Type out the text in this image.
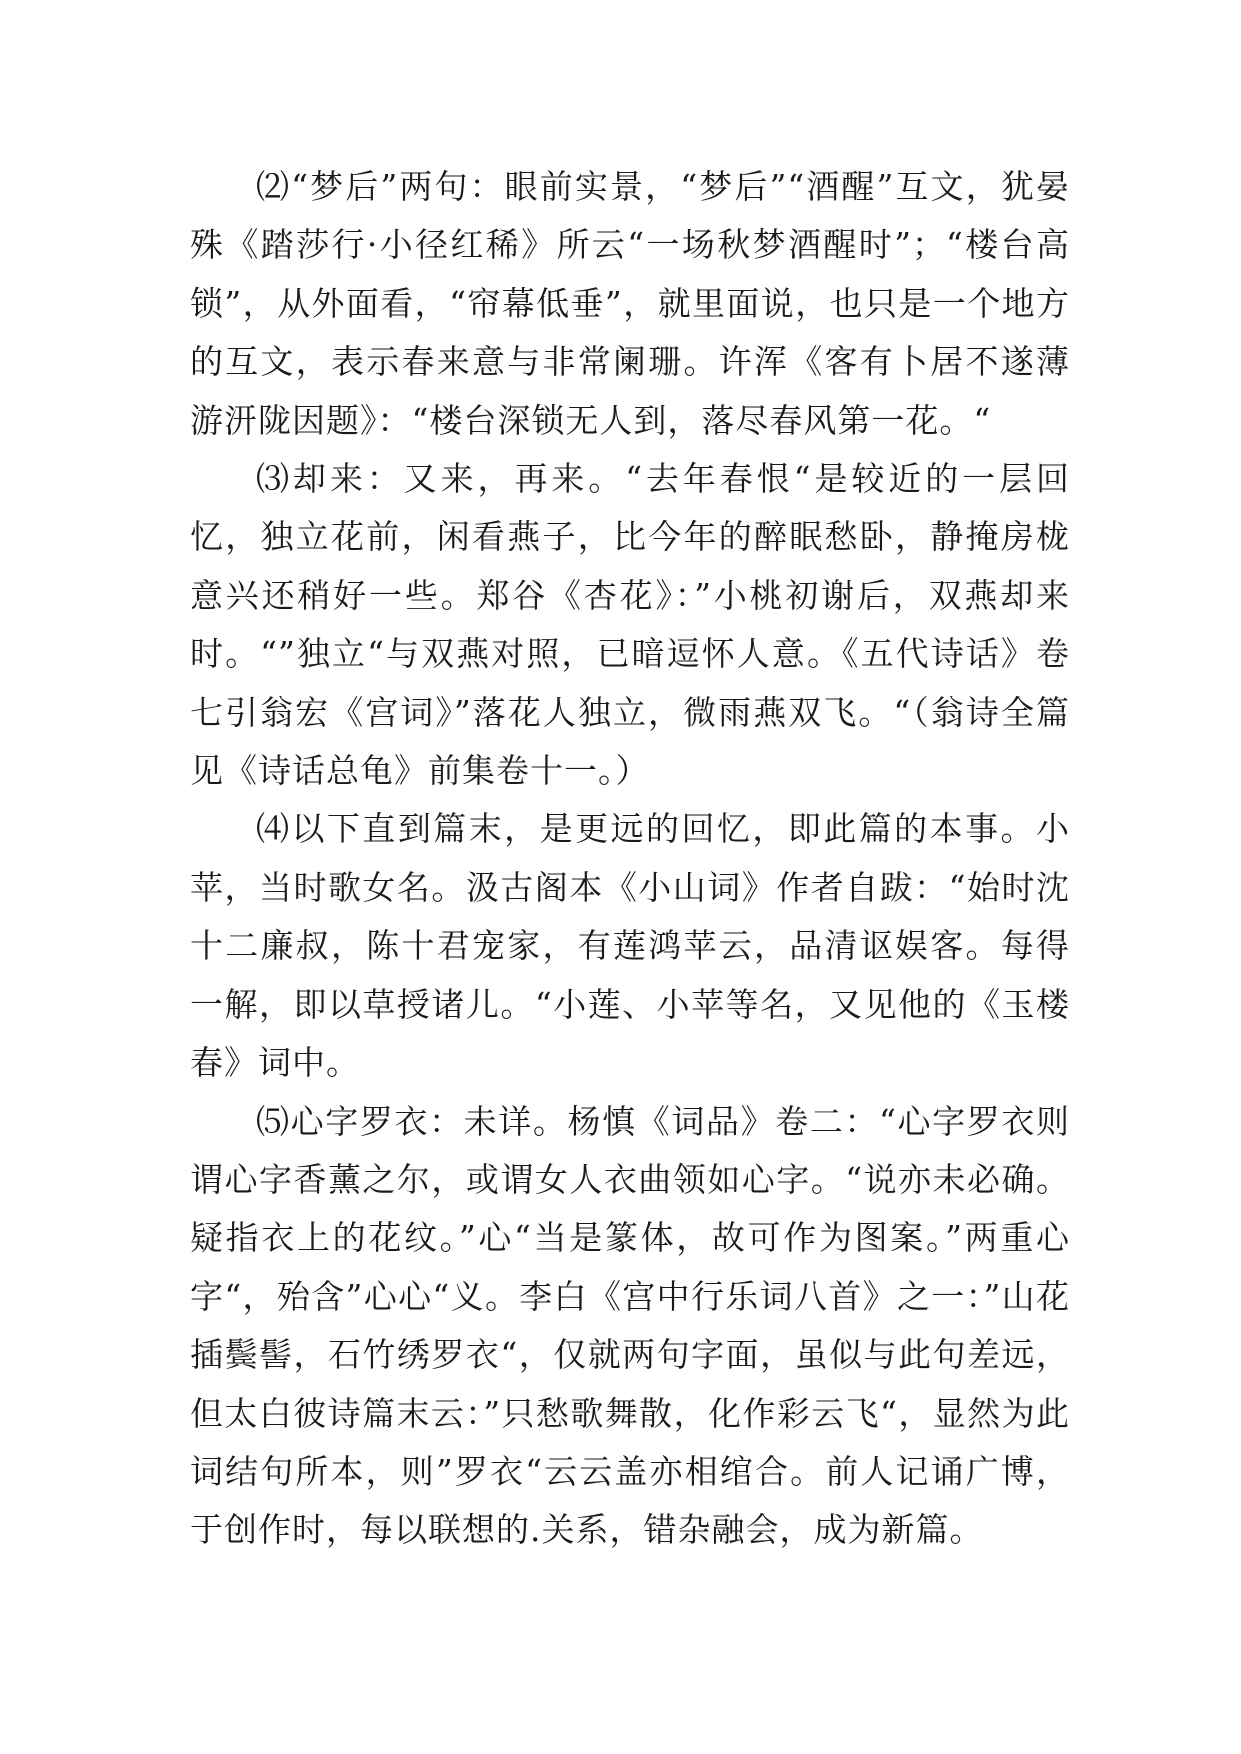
⑵“梦后”两句：眼前实景，“梦后”“酒醒”互文，犹晏殊《踏莎行·小径红稀》所云“一场秋梦酒醒时”；“楼台高锁”，从外面看，“帘幕低垂”，就里面说，也只是一个地方的互文，表示春来意与非常阑珊。许浑《客有卜居不遂薄游汧陇因题》：“楼台深锁无人到，落尽春风第一花。“

⑶却来：又来，再来。“去年春恨“是较近的一层回忆，独立花前，闲看燕子，比今年的醉眠愁卧，静掩房栊意兴还稍好一些。郑谷《杏花》：”小桃初谢后，双燕却来时。“”独立“与双燕对照，已暗逗怀人意。《五代诗话》卷七引翁宏《宫词》”落花人独立，微雨燕双飞。“（翁诗全篇见《诗话总龟》前集卷十一。）

⑷以下直到篇末，是更远的回忆，即此篇的本事。小苹，当时歌女名。汲古阁本《小山词》作者自跋：“始时沈十二廉叔，陈十君宠家，有莲鸿苹云，品清讴娱客。每得一解，即以草授诸儿。“小莲、小苹等名，又见他的《玉楼春》词中。

⑸心字罗衣：未详。杨慎《词品》卷二：“心字罗衣则谓心字香薰之尔，或谓女人衣曲领如心字。“说亦未必确。疑指衣上的花纹。”心“当是篆体，故可作为图案。”两重心字“，殆含”心心“义。李白《宫中行乐词八首》之一：”山花插鬓髻，石竹绣罗衣“，仅就两句字面，虽似与此句差远，但太白彼诗篇末云：”只愁歌舞散，化作彩云飞“，显然为此词结句所本，则”罗衣“云云盖亦相绾合。前人记诵广博，于创作时，每以联想的.关系，错杂融会，成为新篇。
